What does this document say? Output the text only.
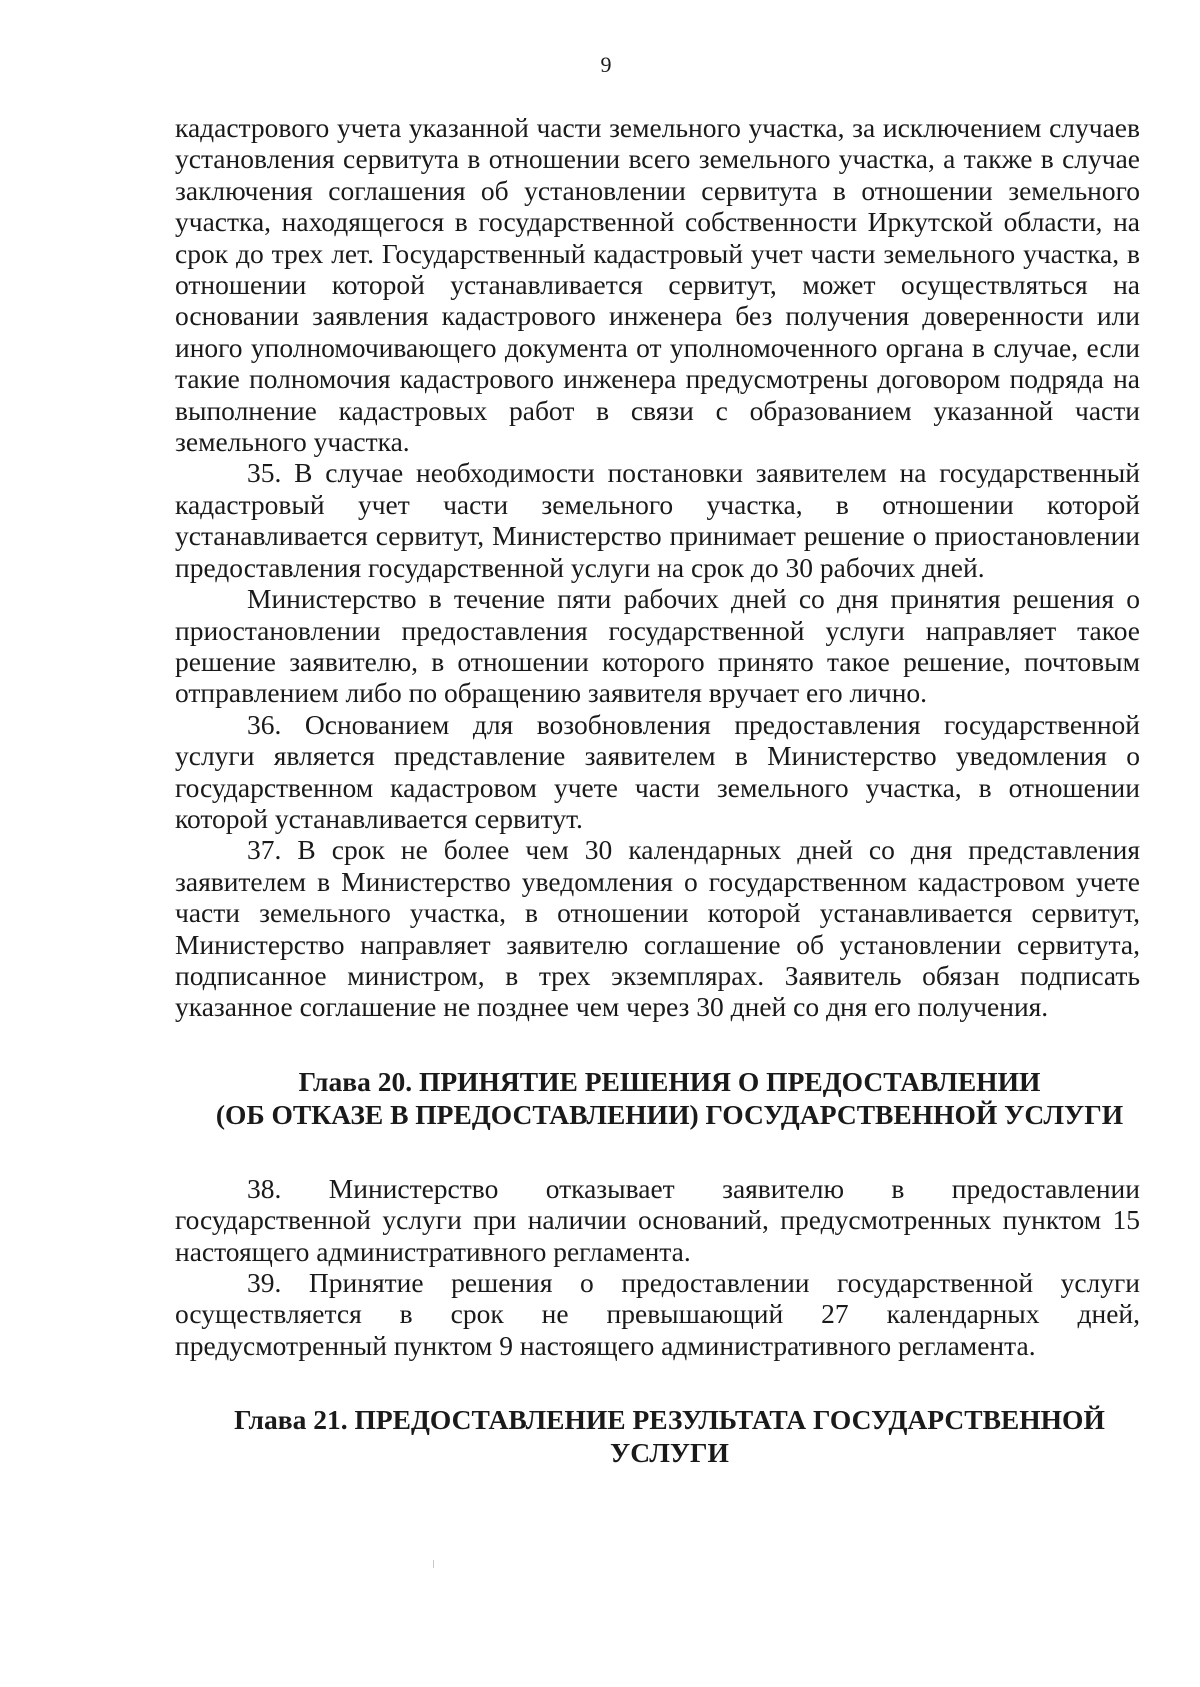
9

кадастрового учета указанной части земельного участка, за исключением случаев установления сервитута в отношении всего земельного участка, а также в случае заключения соглашения об установлении сервитута в отношении земельного участка, находящегося в государственной собственности Иркутской области, на срок до трех лет. Государственный кадастровый учет части земельного участка, в отношении которой устанавливается сервитут, может осуществляться на основании заявления кадастрового инженера без получения доверенности или иного уполномочивающего документа от уполномоченного органа в случае, если такие полномочия кадастрового инженера предусмотрены договором подряда на выполнение кадастровых работ в связи с образованием указанной части земельного участка.

35. В случае необходимости постановки заявителем на государственный кадастровый учет части земельного участка, в отношении которой устанавливается сервитут, Министерство принимает решение о приостановлении предоставления государственной услуги на срок до 30 рабочих дней.

Министерство в течение пяти рабочих дней со дня принятия решения о приостановлении предоставления государственной услуги направляет такое решение заявителю, в отношении которого принято такое решение, почтовым отправлением либо по обращению заявителя вручает его лично.

36. Основанием для возобновления предоставления государственной услуги является представление заявителем в Министерство уведомления о государственном кадастровом учете части земельного участка, в отношении которой устанавливается сервитут.

37. В срок не более чем 30 календарных дней со дня представления заявителем в Министерство уведомления о государственном кадастровом учете части земельного участка, в отношении которой устанавливается сервитут, Министерство направляет заявителю соглашение об установлении сервитута, подписанное министром, в трех экземплярах. Заявитель обязан подписать указанное соглашение не позднее чем через 30 дней со дня его получения.

Глава 20. ПРИНЯТИЕ РЕШЕНИЯ О ПРЕДОСТАВЛЕНИИ
(ОБ ОТКАЗЕ В ПРЕДОСТАВЛЕНИИ) ГОСУДАРСТВЕННОЙ УСЛУГИ

38. Министерство отказывает заявителю в предоставлении государственной услуги при наличии оснований, предусмотренных пунктом 15 настоящего административного регламента.

39. Принятие решения о предоставлении государственной услуги осуществляется в срок не превышающий 27 календарных дней, предусмотренный пунктом 9 настоящего административного регламента.

Глава 21. ПРЕДОСТАВЛЕНИЕ РЕЗУЛЬТАТА ГОСУДАРСТВЕННОЙ
УСЛУГИ
